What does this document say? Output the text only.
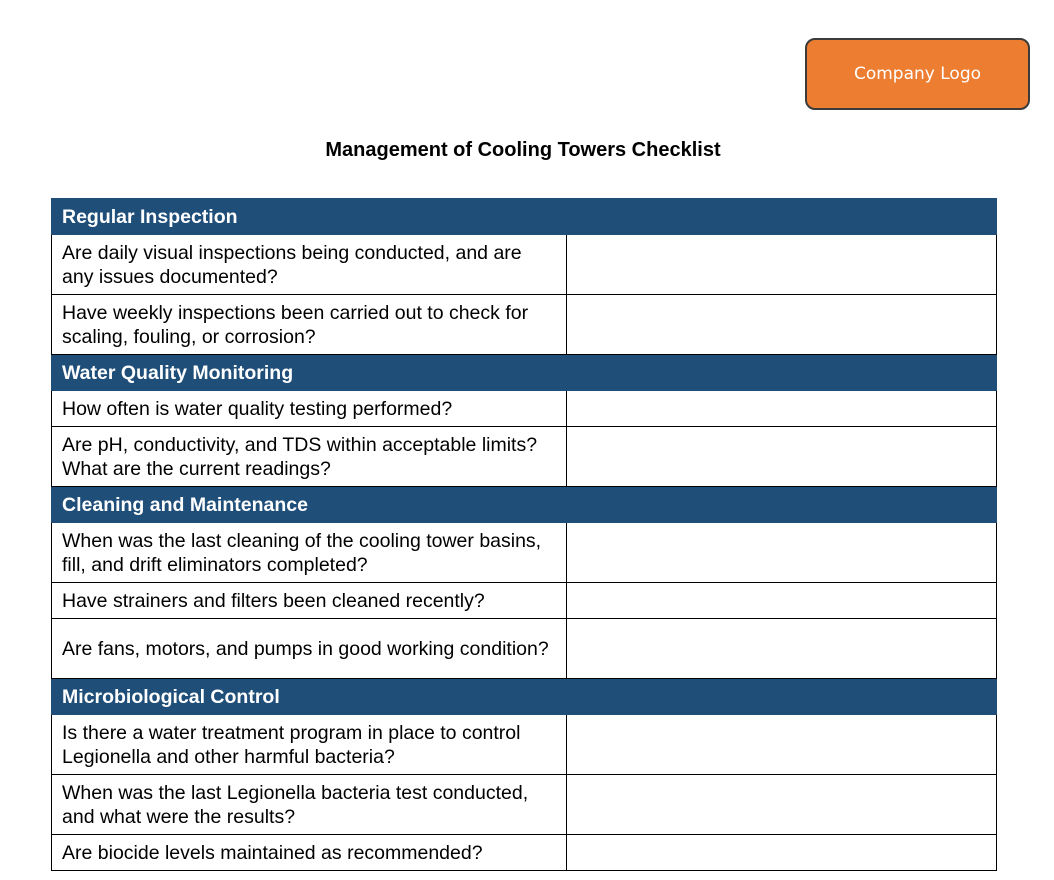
Company Logo
Management of Cooling Towers Checklist
Regular Inspection	
Are daily visual inspections being conducted, and are any issues documented?	
Have weekly inspections been carried out to check for scaling, fouling, or corrosion?	
Water Quality Monitoring	
How often is water quality testing performed?	
Are pH, conductivity, and TDS within acceptable limits? What are the current readings?	
Cleaning and Maintenance	
When was the last cleaning of the cooling tower basins, fill, and drift eliminators completed?	
Have strainers and filters been cleaned recently?	
Are fans, motors, and pumps in good working condition?	
Microbiological Control	
Is there a water treatment program in place to control Legionella and other harmful bacteria?	
When was the last Legionella bacteria test conducted, and what were the results?	
Are biocide levels maintained as recommended?	
